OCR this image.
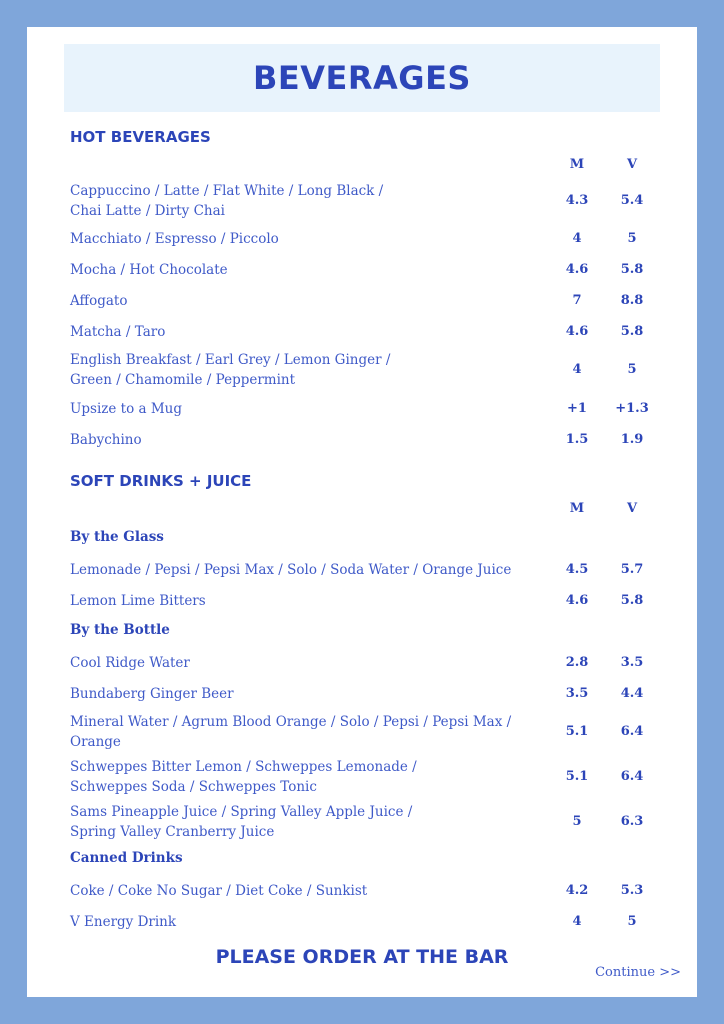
BEVERAGES
HOT BEVERAGES
M	V
Cappuccino / Latte / Flat White / Long Black / Chai Latte / Dirty Chai
4.3	5.4
Macchiato / Espresso / Piccolo	4	5
Mocha / Hot Chocolate	4.6	5.8
Affogato	7	8.8
Matcha / Taro	4.6	5.8
English Breakfast / Earl Grey / Lemon Ginger / Green / Chamomile / Peppermint
4	5
Upsize to a Mug	+1	+1.3
Babychino	1.5	1.9
SOFT DRINKS + JUICE
M	V
By the Glass
Lemonade / Pepsi / Pepsi Max / Solo / Soda Water / Orange Juice	4.5	5.7
Lemon Lime Bitters	4.6	5.8
By the Bottle
Cool Ridge Water	2.8	3.5
Bundaberg Ginger Beer	3.5	4.4
Mineral Water / Agrum Blood Orange / Solo / Pepsi / Pepsi Max / Orange
5.1	6.4
Schweppes Bitter Lemon / Schweppes Lemonade / Schweppes Soda / Schweppes Tonic
5.1	6.4
Sams Pineapple Juice / Spring Valley Apple Juice / Spring Valley Cranberry Juice
5	6.3
Canned Drinks
Coke / Coke No Sugar / Diet Coke / Sunkist	4.2	5.3
V Energy Drink	4	5
PLEASE ORDER AT THE BAR
Continue >>
